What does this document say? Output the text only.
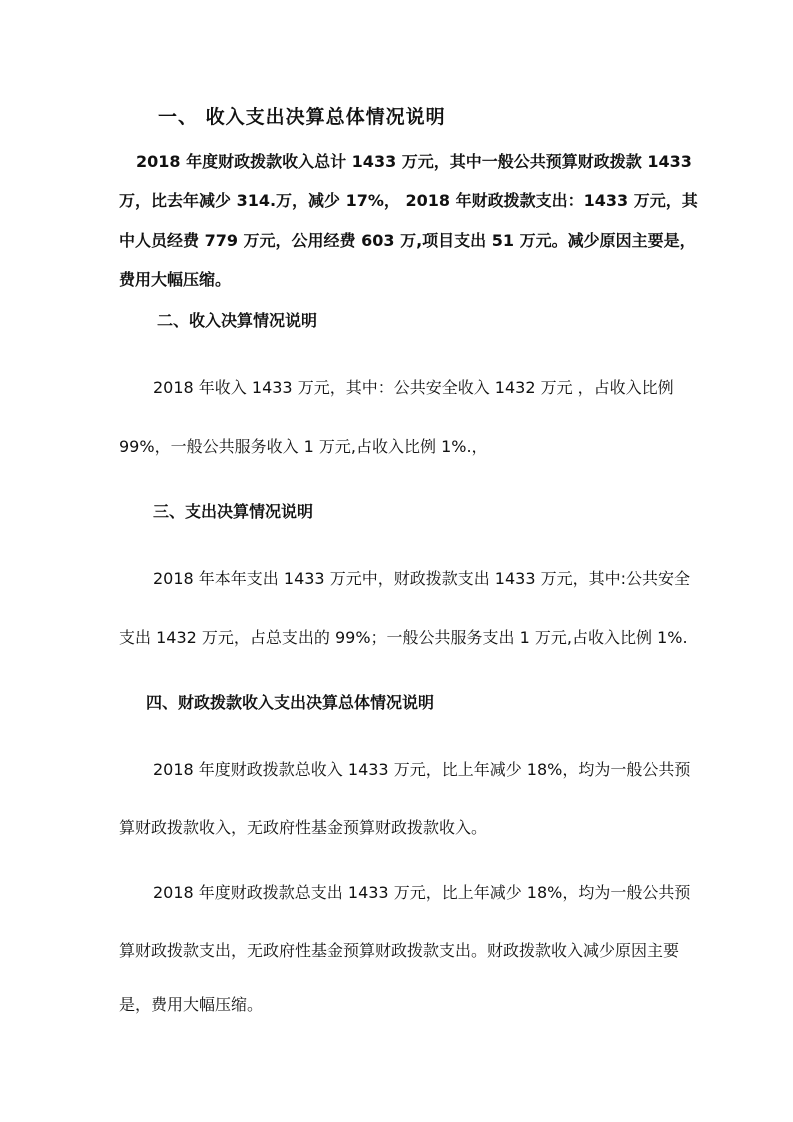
一、 收入支出决算总体情况说明

2018 年度财政拨款收入总计 1433 万元，其中一般公共预算财政拨款 1433

万，比去年减少 314.万，减少 17%， 2018 年财政拨款支出：1433 万元，其

中人员经费 779 万元，公用经费 603 万,项目支出 51 万元。减少原因主要是，

费用大幅压缩。

二、收入决算情况说明

2018 年收入 1433 万元，其中：公共安全收入 1432 万元 ，占收入比例

99%，一般公共服务收入 1 万元,占收入比例 1%.，

三、支出决算情况说明

2018 年本年支出 1433 万元中，财政拨款支出 1433 万元，其中:公共安全

支出 1432 万元，占总支出的 99%；一般公共服务支出 1 万元,占收入比例 1%.

四、财政拨款收入支出决算总体情况说明

2018 年度财政拨款总收入 1433 万元，比上年减少 18%，均为一般公共预

算财政拨款收入，无政府性基金预算财政拨款收入。

2018 年度财政拨款总支出 1433 万元，比上年减少 18%，均为一般公共预

算财政拨款支出，无政府性基金预算财政拨款支出。财政拨款收入减少原因主要

是，费用大幅压缩。
